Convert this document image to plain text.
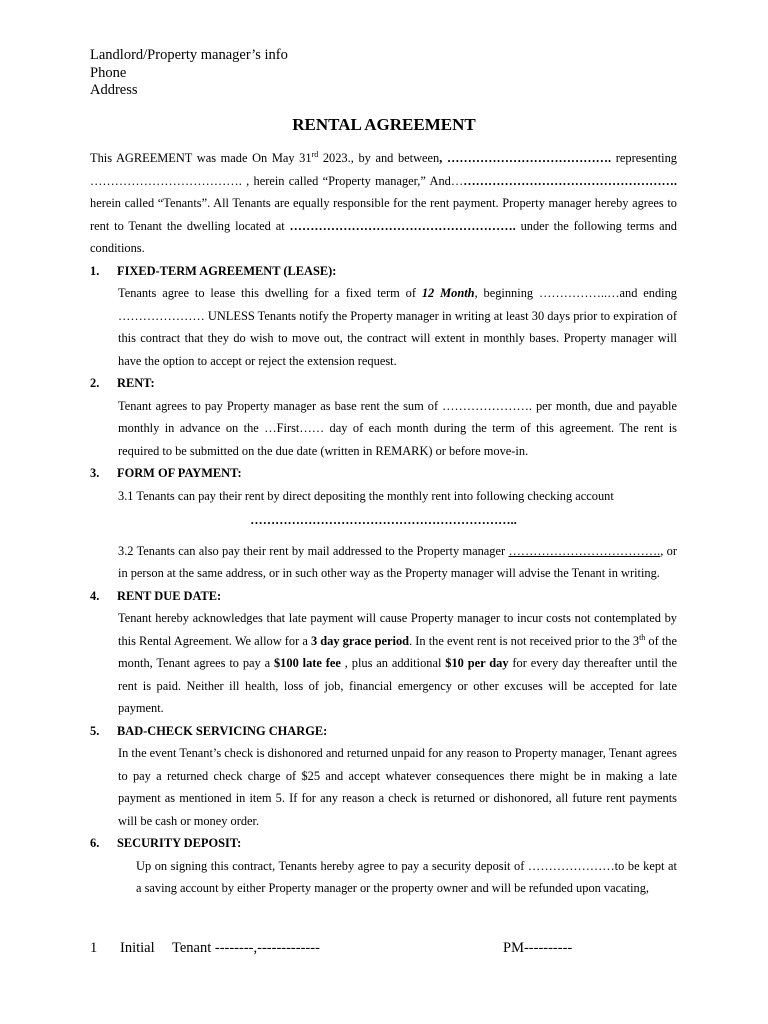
Landlord/Property manager’s info
Phone
Address
RENTAL AGREEMENT

This AGREEMENT was made On May 31rd 2023., by and between, …………………………………. representing ………………………………. , herein called “Property manager,” And………………………………………………. herein called “Tenants”. All Tenants are equally responsible for the rent payment. Property manager hereby agrees to rent to Tenant the dwelling located at ………………………………………………. under the following terms and conditions.

1. FIXED-TERM AGREEMENT (LEASE):

Tenants agree to lease this dwelling for a fixed term of 12 Month, beginning ……………..…and ending ………………… UNLESS Tenants notify the Property manager in writing at least 30 days prior to expiration of this contract that they do wish to move out, the contract will extent in monthly bases. Property manager will have the option to accept or reject the extension request.

2. RENT:

Tenant agrees to pay Property manager as base rent the sum of …………………. per month, due and payable monthly in advance on the …First…… day of each month during the term of this agreement. The rent is required to be submitted on the due date (written in REMARK) or before move-in.

3. FORM OF PAYMENT:

3.1 Tenants can pay their rent by direct depositing the monthly rent into following checking account

………………………………………………………..

3.2 Tenants can also pay their rent by mail addressed to the Property manager ………………………………., or in person at the same address, or in such other way as the Property manager will advise the Tenant in writing.

4. RENT DUE DATE:

Tenant hereby acknowledges that late payment will cause Property manager to incur costs not contemplated by this Rental Agreement. We allow for a 3 day grace period. In the event rent is not received prior to the 3th of the month, Tenant agrees to pay a $100 late fee , plus an additional $10 per day for every day thereafter until the rent is paid. Neither ill health, loss of job, financial emergency or other excuses will be accepted for late payment.

5. BAD-CHECK SERVICING CHARGE:

In the event Tenant’s check is dishonored and returned unpaid for any reason to Property manager, Tenant agrees to pay a returned check charge of $25 and accept whatever consequences there might be in making a late payment as mentioned in item 5. If for any reason a check is returned or dishonored, all future rent payments will be cash or money order.

6. SECURITY DEPOSIT:

Up on signing this contract, Tenants hereby agree to pay a security deposit of …………………to be kept at a saving account by either Property manager or the property owner and will be refunded upon vacating,

1 Initial Tenant --------,-------------	PM----------
